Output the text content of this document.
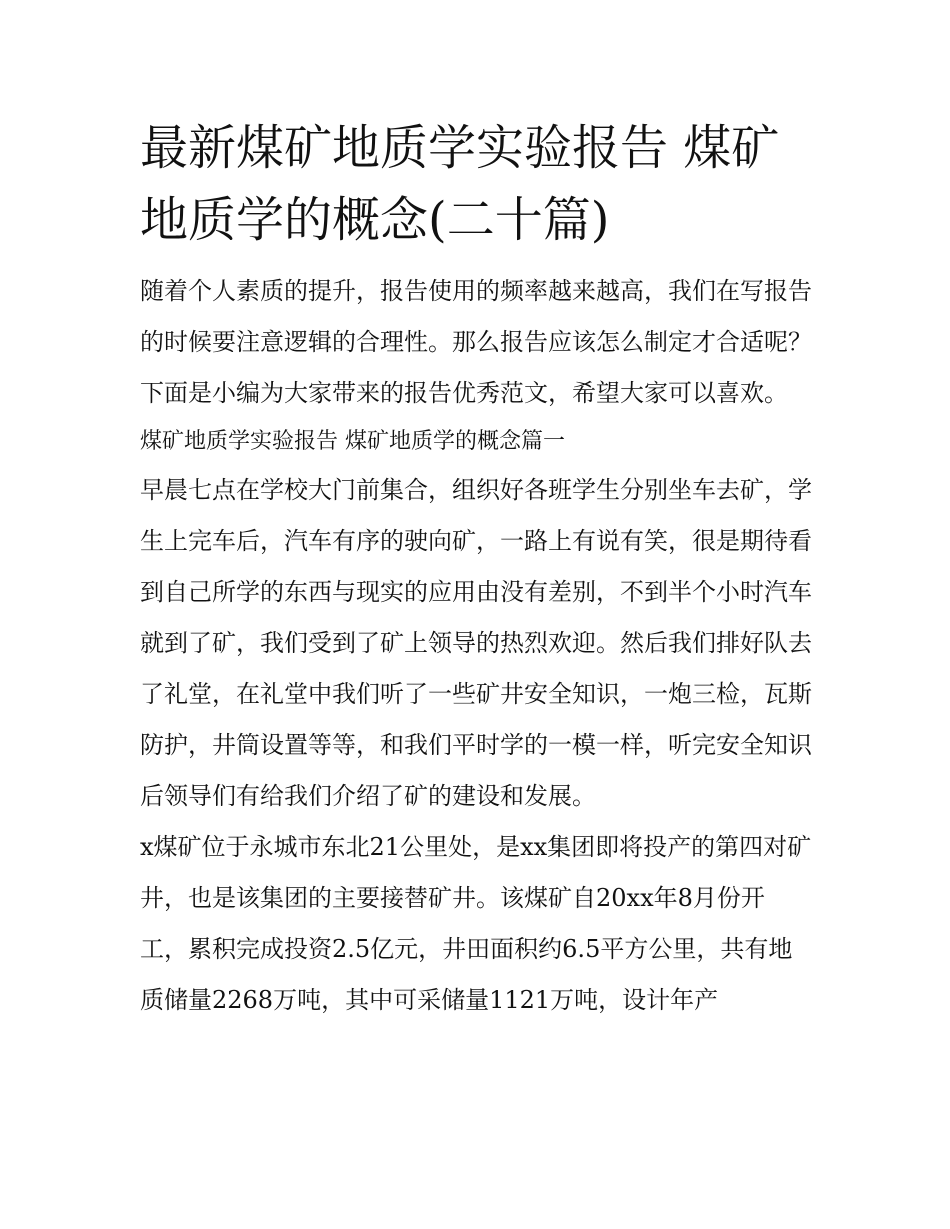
最新煤矿地质学实验报告 煤矿地质学的概念(二十篇)

随着个人素质的提升，报告使用的频率越来越高，我们在写报告的时候要注意逻辑的合理性。那么报告应该怎么制定才合适呢？下面是小编为大家带来的报告优秀范文，希望大家可以喜欢。

煤矿地质学实验报告 煤矿地质学的概念篇一

早晨七点在学校大门前集合，组织好各班学生分别坐车去矿，学生上完车后，汽车有序的驶向矿，一路上有说有笑，很是期待看到自己所学的东西与现实的应用由没有差别，不到半个小时汽车就到了矿，我们受到了矿上领导的热烈欢迎。然后我们排好队去了礼堂，在礼堂中我们听了一些矿井安全知识，一炮三检，瓦斯防护，井筒设置等等，和我们平时学的一模一样，听完安全知识后领导们有给我们介绍了矿的建设和发展。

x煤矿位于永城市东北21公里处，是xx集团即将投产的第四对矿井，也是该集团的主要接替矿井。该煤矿自20xx年8月份开工，累积完成投资2.5亿元，井田面积约6.5平方公里，共有地质储量2268万吨，其中可采储量1121万吨，设计年产
